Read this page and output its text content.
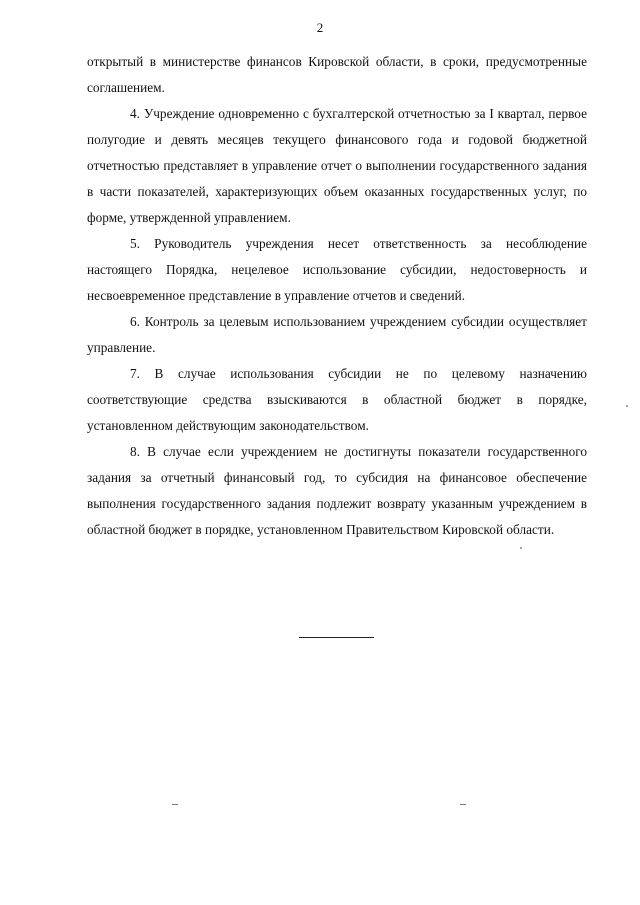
2

открытый в министерстве финансов Кировской области, в сроки, предусмотренные соглашением.

4. Учреждение одновременно с бухгалтерской отчетностью за I квартал, первое полугодие и девять месяцев текущего финансового года и годовой бюджетной отчетностью представляет в управление отчет о выполнении государственного задания в части показателей, характеризующих объем оказанных государственных услуг, по форме, утвержденной управлением.

5. Руководитель учреждения несет ответственность за несоблюдение настоящего Порядка, нецелевое использование субсидии, недостоверность и несвоевременное представление в управление отчетов и сведений.

6. Контроль за целевым использованием учреждением субсидии осуществляет управление.

7. В случае использования субсидии не по целевому назначению соответствующие средства взыскиваются в областной бюджет в порядке, установленном действующим законодательством.

8. В случае если учреждением не достигнуты показатели государственного задания за отчетный финансовый год, то субсидия на финансовое обеспечение выполнения государственного задания подлежит возврату указанным учреждением в областной бюджет в порядке, установленном Правительством Кировской области.
